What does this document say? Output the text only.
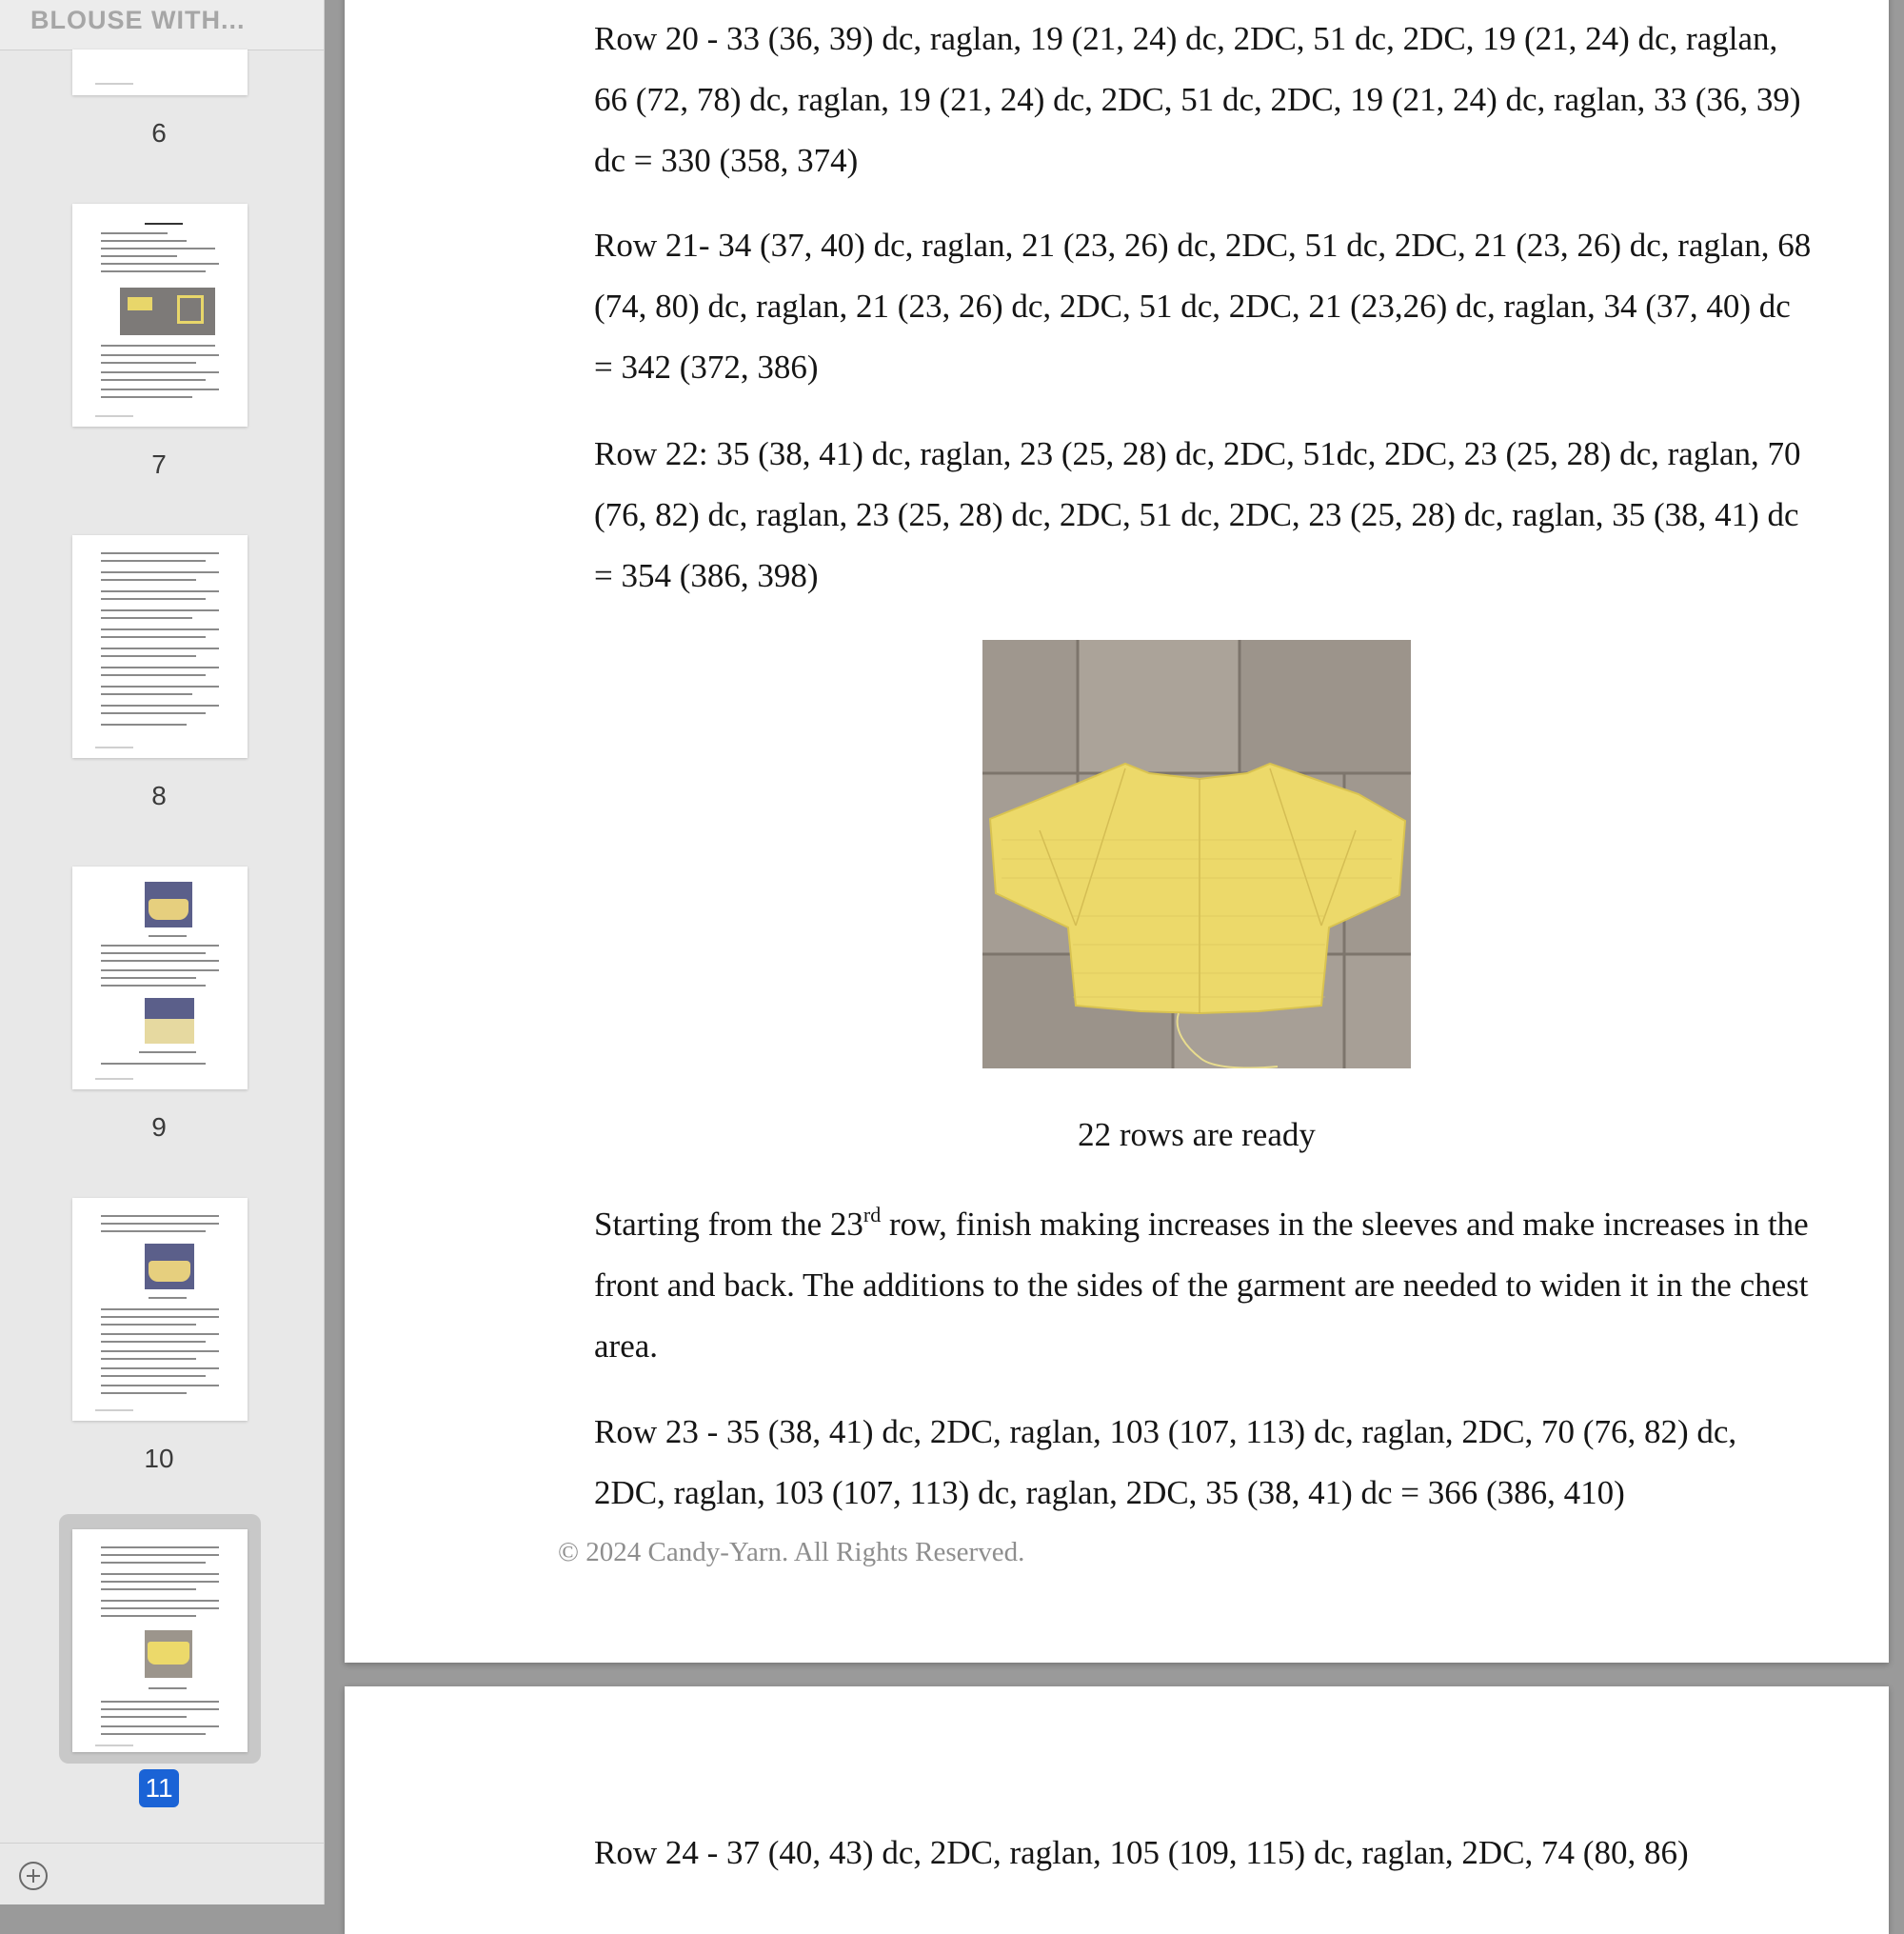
BLOUSE WITH...
6
7
8
9
10
11

Row 20 - 33 (36, 39) dc, raglan, 19 (21, 24) dc, 2DC, 51 dc, 2DC, 19 (21, 24) dc, raglan, 66 (72, 78) dc, raglan, 19 (21, 24) dc, 2DC, 51 dc, 2DC, 19 (21, 24) dc, raglan, 33 (36, 39) dc = 330 (358, 374)

Row 21- 34 (37, 40) dc, raglan, 21 (23, 26) dc, 2DC, 51 dc, 2DC, 21 (23, 26) dc, raglan, 68 (74, 80) dc, raglan, 21 (23, 26) dc, 2DC, 51 dc, 2DC, 21 (23,26) dc, raglan, 34 (37, 40) dc = 342 (372, 386)

Row 22: 35 (38, 41) dc, raglan, 23 (25, 28) dc, 2DC, 51dc, 2DC, 23 (25, 28) dc, raglan, 70 (76, 82) dc, raglan, 23 (25, 28) dc, 2DC, 51 dc, 2DC, 23 (25, 28) dc, raglan, 35 (38, 41) dc = 354 (386, 398)

22 rows are ready

Starting from the 23rd row, finish making increases in the sleeves and make increases in the front and back. The additions to the sides of the garment are needed to widen it in the chest area.

Row 23 - 35 (38, 41) dc, 2DC, raglan, 103 (107, 113) dc, raglan, 2DC, 70 (76, 82) dc, 2DC, raglan, 103 (107, 113) dc, raglan, 2DC, 35 (38, 41) dc = 366 (386, 410)

© 2024 Candy-Yarn. All Rights Reserved.

Row 24 - 37 (40, 43) dc, 2DC, raglan, 105 (109, 115) dc, raglan, 2DC, 74 (80, 86)
